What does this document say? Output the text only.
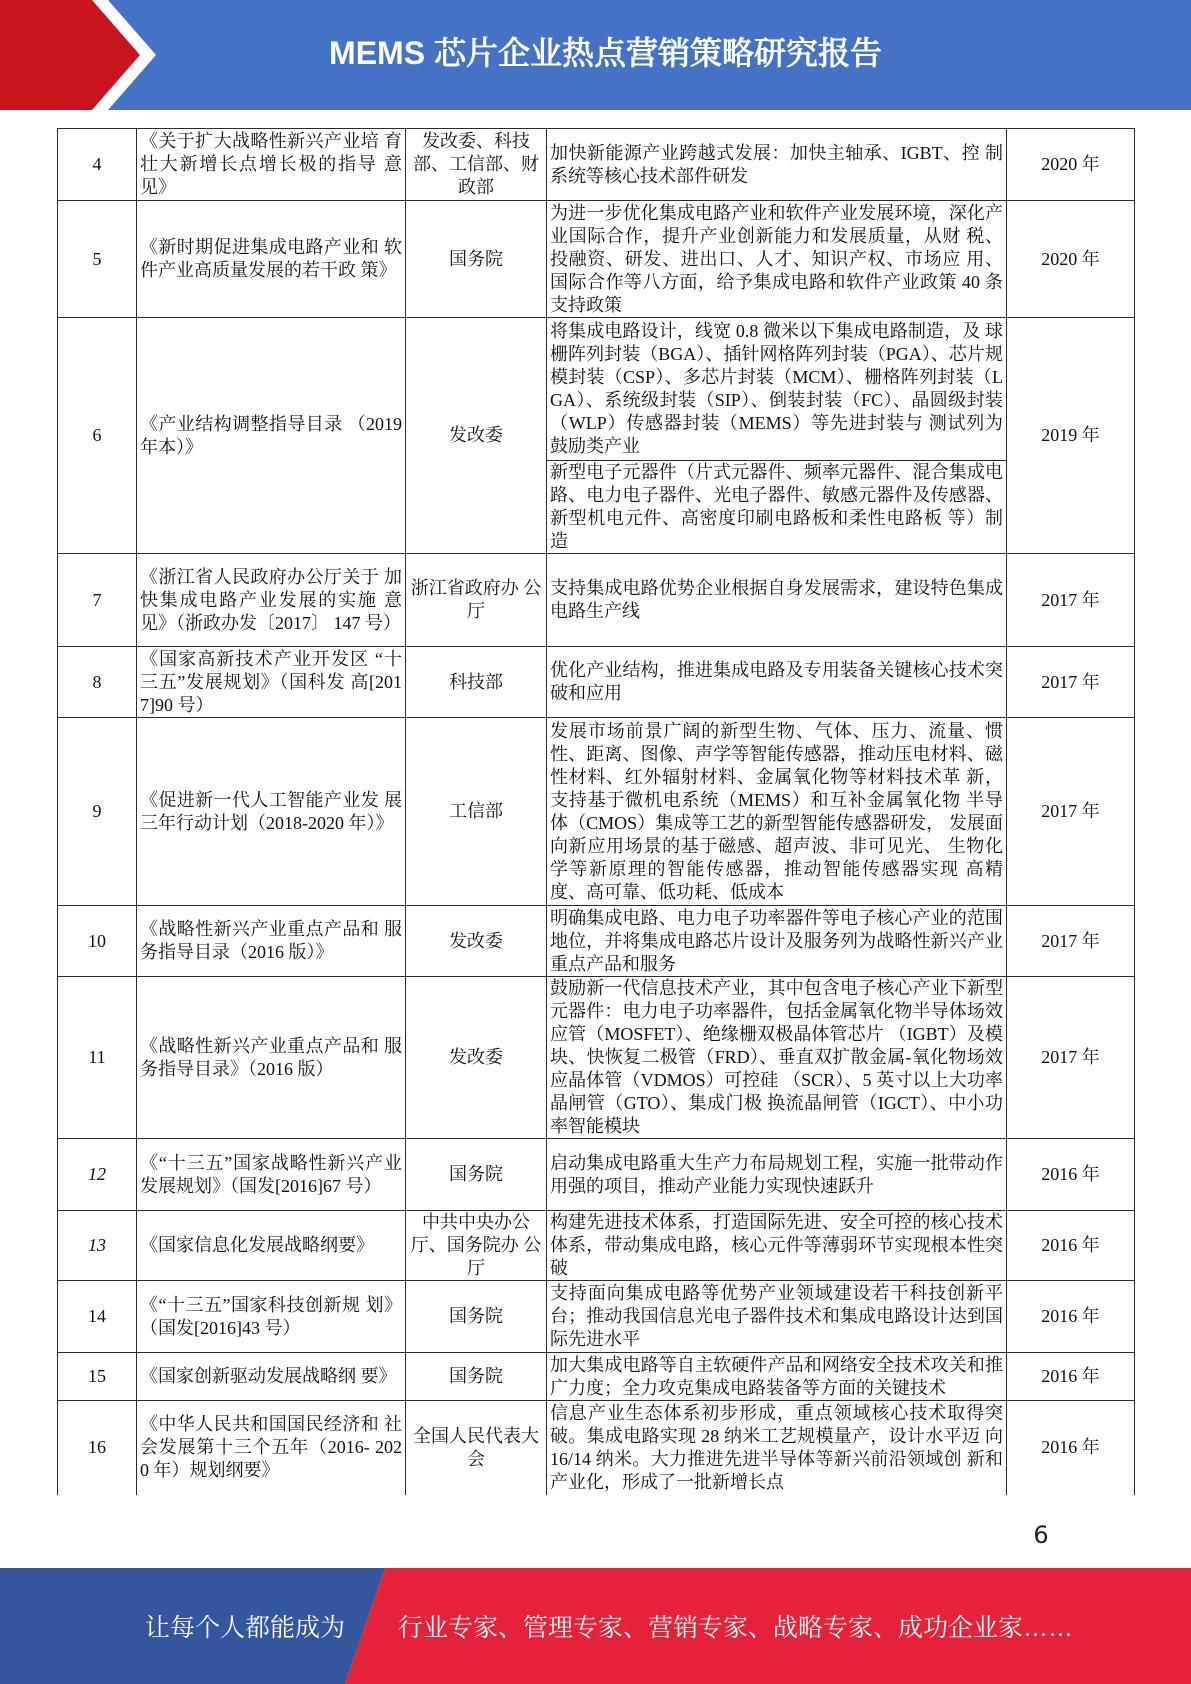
MEMS 芯片企业热点营销策略研究报告
4	《关于扩大战略性新兴产业培 育壮大新增长点增长极的指导 意见》	发改委、科技部、工信部、财政部	加快新能源产业跨越式发展：加快主轴承、IGBT、控 制系统等核心技术部件研发	2020 年
5	《新时期促进集成电路产业和 软件产业高质量发展的若干政 策》	国务院	为进一步优化集成电路产业和软件产业发展环境，深化产业国际合作，提升产业创新能力和发展质量，从财 税、投融资、研发、进出口、人才、知识产权、市场应 用、国际合作等八方面，给予集成电路和软件产业政策 40 条支持政策	2020 年
6	《产业结构调整指导目录 （2019 年本）》	发改委	将集成电路设计，线宽 0.8 微米以下集成电路制造，及 球栅阵列封装（BGA）、插针网格阵列封装（PGA）、芯片规模封装（CSP）、多芯片封装（MCM）、栅格阵列封装（LGA）、系统级封装（SIP）、倒装封装（FC）、晶圆级封装（WLP）传感器封装（MEMS）等先进封装与 测试列为鼓励类产业	2019 年
			新型电子元器件（片式元器件、频率元器件、混合集成电路、电力电子器件、光电子器件、敏感元器件及传感器、新型机电元件、高密度印刷电路板和柔性电路板 等）制造	
7	《浙江省人民政府办公厅关于 加快集成电路产业发展的实施 意见》（浙政办发〔2017〕 147 号）	浙江省政府办 公厅	支持集成电路优势企业根据自身发展需求，建设特色集成电路生产线	2017 年
8	《国家高新技术产业开发区 “十三五”发展规划》（国科发 高[2017]90 号）	科技部	优化产业结构，推进集成电路及专用装备关键核心技术突破和应用	2017 年
9	《促进新一代人工智能产业发 展三年行动计划（2018-2020 年）》	工信部	发展市场前景广阔的新型生物、气体、压力、流量、惯性、距离、图像、声学等智能传感器，推动压电材料、磁性材料、红外辐射材料、金属氧化物等材料技术革 新，支持基于微机电系统（MEMS）和互补金属氧化物 半导体（CMOS）集成等工艺的新型智能传感器研发， 发展面向新应用场景的基于磁感、超声波、非可见光、 生物化学等新原理的智能传感器，推动智能传感器实现 高精度、高可靠、低功耗、低成本	2017 年
10	《战略性新兴产业重点产品和 服务指导目录（2016 版）》	发改委	明确集成电路、电力电子功率器件等电子核心产业的范围地位，并将集成电路芯片设计及服务列为战略性新兴产业重点产品和服务	2017 年
11	《战略性新兴产业重点产品和 服务指导目录》（2016 版）	发改委	鼓励新一代信息技术产业，其中包含电子核心产业下新型元器件：电力电子功率器件，包括金属氧化物半导体场效应管（MOSFET）、绝缘栅双极晶体管芯片 （IGBT）及模块、快恢复二极管（FRD）、垂直双扩散金属-氧化物场效应晶体管（VDMOS）可控硅 （SCR）、5 英寸以上大功率晶闸管（GTO）、集成门极 换流晶闸管（IGCT）、中小功率智能模块	2017 年
12	《“十三五”国家战略性新兴产业发展规划》（国发[2016]67 号）	国务院	启动集成电路重大生产力布局规划工程，实施一批带动作用强的项目，推动产业能力实现快速跃升	2016 年
13	《国家信息化发展战略纲要》	中共中央办公厅、国务院办 公厅	构建先进技术体系，打造国际先进、安全可控的核心技术体系，带动集成电路，核心元件等薄弱环节实现根本性突破	2016 年
14	《“十三五”国家科技创新规 划》（国发[2016]43 号）	国务院	支持面向集成电路等优势产业领域建设若干科技创新平台；推动我国信息光电子器件技术和集成电路设计达到国际先进水平	2016 年
15	《国家创新驱动发展战略纲 要》	国务院	加大集成电路等自主软硬件产品和网络安全技术攻关和推广力度；全力攻克集成电路装备等方面的关键技术	2016 年
16	《中华人民共和国国民经济和 社会发展第十三个五年（2016- 2020 年）规划纲要》	全国人民代表大会	信息产业生态体系初步形成，重点领域核心技术取得突破。集成电路实现 28 纳米工艺规模量产，设计水平迈 向 16/14 纳米。大力推进先进半导体等新兴前沿领域创 新和产业化，形成了一批新增长点	2016 年
6
让每个人都能成为 行业专家、管理专家、营销专家、战略专家、成功企业家……
